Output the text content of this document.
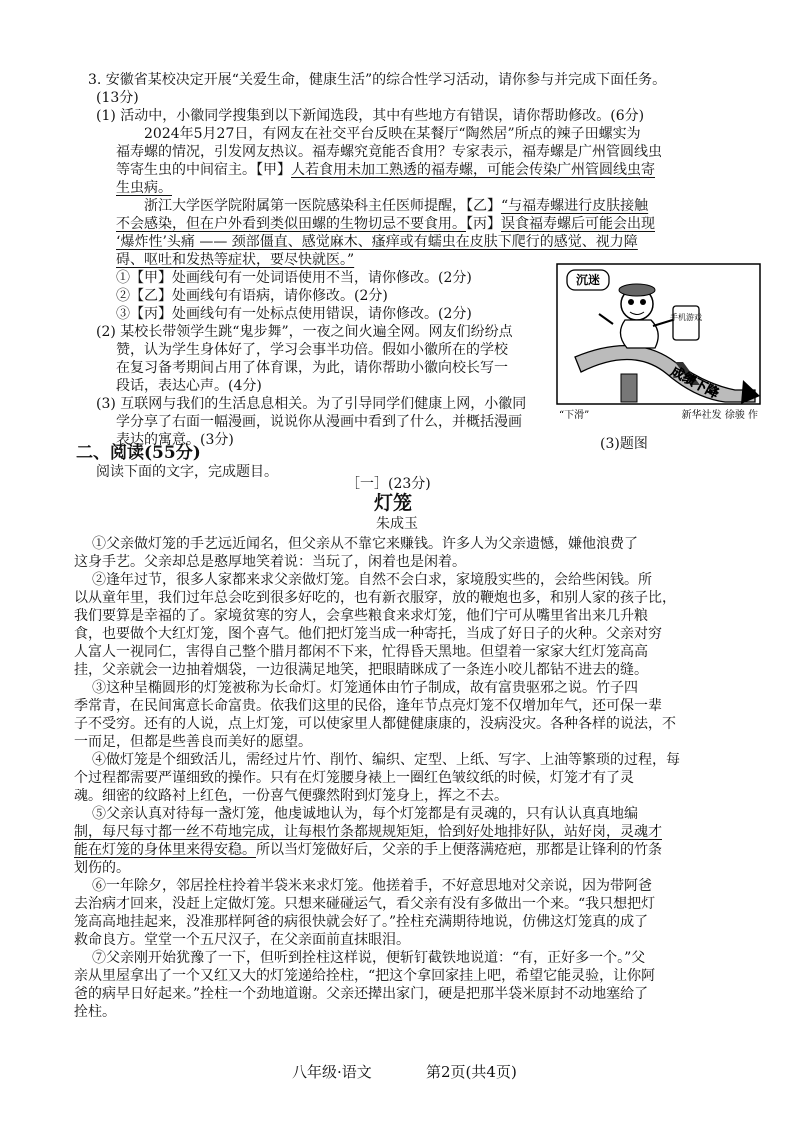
3. 安徽省某校决定开展“关爱生命，健康生活”的综合性学习活动，请你参与并完成下面任务。
(13分)
(1) 活动中，小徽同学搜集到以下新闻选段，其中有些地方有错误，请你帮助修改。(6分)
2024年5月27日，有网友在社交平台反映在某餐厅“陶然居”所点的辣子田螺实为
福寿螺的情况，引发网友热议。福寿螺究竟能否食用？专家表示，福寿螺是广州管圆线虫
等寄生虫的中间宿主。【甲】人若食用未加工熟透的福寿螺，可能会传染广州管圆线虫寄
生虫病。
浙江大学医学院附属第一医院感染科主任医师提醒，【乙】“与福寿螺进行皮肤接触
不会感染，但在户外看到类似田螺的生物切忌不要食用。【丙】误食福寿螺后可能会出现
‘爆炸性’头痛 —— 颈部僵直、感觉麻木、瘙痒或有蠕虫在皮肤下爬行的感觉、视力障
碍、呕吐和发热等症状，要尽快就医。”
①【甲】处画线句有一处词语使用不当，请你修改。(2分)
②【乙】处画线句有语病，请你修改。(2分)
③【丙】处画线句有一处标点使用错误，请你修改。(2分)
(2) 某校长带领学生跳“鬼步舞”，一夜之间火遍全网。网友们纷纷点
赞，认为学生身体好了，学习会事半功倍。假如小徽所在的学校
在复习备考期间占用了体育课，为此，请你帮助小徽向校长写一
段话，表达心声。(4分)
(3) 互联网与我们的生活息息相关。为了引导同学们健康上网，小徽同
学分享了右面一幅漫画，说说你从漫画中看到了什么，并概括漫画
表达的寓意。(3分)
沉迷
手机游戏
成绩下降
“下滑”	新华社发 徐骏 作
(3)题图
二、阅读(55分)
阅读下面的文字，完成题目。
［一］(23分)
灯笼
朱成玉
①父亲做灯笼的手艺远近闻名，但父亲从不靠它来赚钱。许多人为父亲遗憾，嫌他浪费了
这身手艺。父亲却总是憨厚地笑着说：当玩了，闲着也是闲着。
②逢年过节，很多人家都来求父亲做灯笼。自然不会白求，家境殷实些的，会给些闲钱。所
以从童年里，我们过年总会吃到很多好吃的，也有新衣服穿，放的鞭炮也多，和别人家的孩子比，
我们要算是幸福的了。家境贫寒的穷人，会拿些粮食来求灯笼，他们宁可从嘴里省出来几升粮
食，也要做个大红灯笼，图个喜气。他们把灯笼当成一种寄托，当成了好日子的火种。父亲对穷
人富人一视同仁，害得自己整个腊月都闲不下来，忙得昏天黑地。但望着一家家大红灯笼高高
挂，父亲就会一边抽着烟袋，一边很满足地笑，把眼睛眯成了一条连小咬儿都钻不进去的缝。
③这种呈椭圆形的灯笼被称为长命灯。灯笼通体由竹子制成，故有富贵驱邪之说。竹子四
季常青，在民间寓意长命富贵。依我们这里的民俗，逢年节点亮灯笼不仅增加年气，还可保一辈
子不受穷。还有的人说，点上灯笼，可以使家里人都健健康康的，没病没灾。各种各样的说法，不
一而足，但都是些善良而美好的愿望。
④做灯笼是个细致活儿，需经过片竹、削竹、编织、定型、上纸、写字、上油等繁琐的过程，每
个过程都需要严谨细致的操作。只有在灯笼腰身裱上一圈红色皱纹纸的时候，灯笼才有了灵
魂。细密的纹路衬上红色，一份喜气便骤然附到灯笼身上，挥之不去。
⑤父亲认真对待每一盏灯笼，他虔诚地认为，每个灯笼都是有灵魂的，只有认认真真地编
制，每尺每寸都一丝不苟地完成，让每根竹条都规规矩矩，恰到好处地排好队，站好岗，灵魂才
能在灯笼的身体里来得安稳。所以当灯笼做好后，父亲的手上便落满疮疤，那都是让锋利的竹条
划伤的。
⑥一年除夕，邻居拴柱拎着半袋米来求灯笼。他搓着手，不好意思地对父亲说，因为带阿爸
去治病才回来，没赶上定做灯笼。只想来碰碰运气，看父亲有没有多做出一个来。“我只想把灯
笼高高地挂起来，没准那样阿爸的病很快就会好了。”拴柱充满期待地说，仿佛这灯笼真的成了
救命良方。堂堂一个五尺汉子，在父亲面前直抹眼泪。
⑦父亲刚开始犹豫了一下，但听到拴柱这样说，便斩钉截铁地说道：“有，正好多一个。”父
亲从里屋拿出了一个又红又大的灯笼递给拴柱，“把这个拿回家挂上吧，希望它能灵验，让你阿
爸的病早日好起来。”拴柱一个劲地道谢。父亲还撵出家门，硬是把那半袋米原封不动地塞给了
拴柱。
八年级·语文	第2页(共4页)
